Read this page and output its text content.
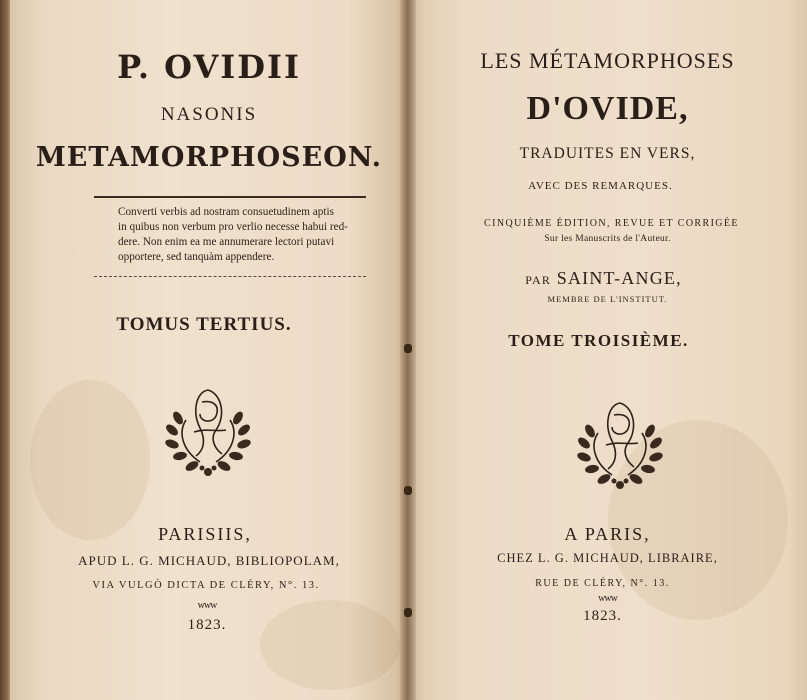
P. OVIDII
NASONIS
METAMORPHOSEON.
Converti verbis ad nostram consuetudinem aptis
in quibus non verbum pro verlio necesse habui red-
dere. Non enim ea me annumerare lectori putavi
opportere, sed tanquàm appendere.
TOMUS TERTIUS.
PARISIIS,
APUD L. G. MICHAUD, BIBLIOPOLAM,
VIA VULGÒ DICTA DE CLÉRY, N°. 13.
ᴡᴡᴡ
1823.
LES MÉTAMORPHOSES
D'OVIDE,
TRADUITES EN VERS,
AVEC DES REMARQUES.
CINQUIÈME ÉDITION, REVUE ET CORRIGÉE
Sur les Manuscrits de l'Auteur.
PAR SAINT-ANGE,
MEMBRE DE L'INSTITUT.
TOME TROISIÈME.
A PARIS,
CHEZ L. G. MICHAUD, LIBRAIRE,
RUE DE CLÉRY, N°. 13.
ᴡᴡᴡ
1823.
